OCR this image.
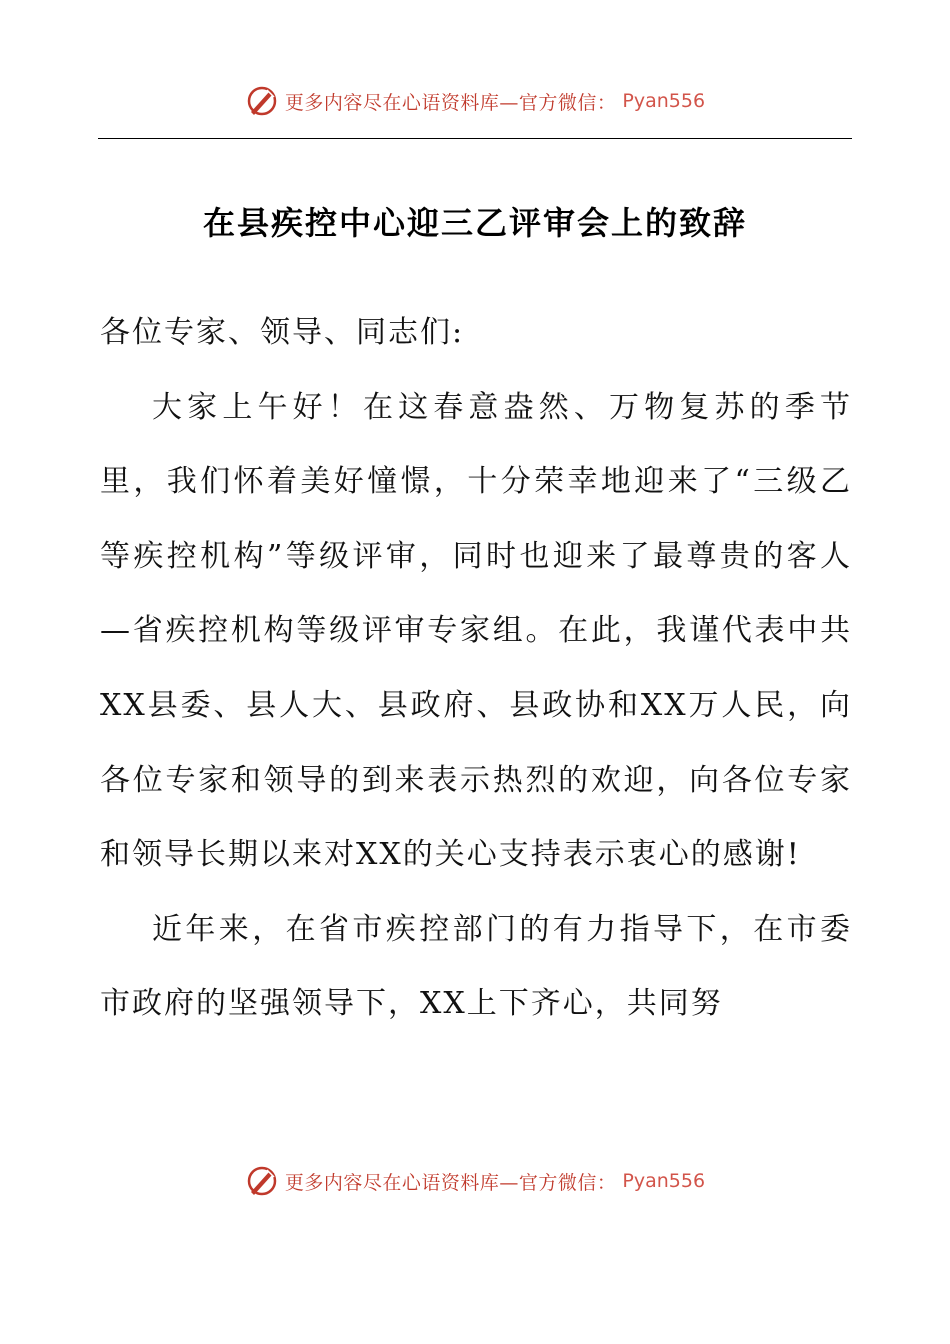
更多内容尽在心语资料库—官方微信： Pyan556
在县疾控中心迎三乙评审会上的致辞

各位专家、领导、同志们:

大家上午好！在这春意盎然、万物复苏的季节里，我们怀着美好憧憬，十分荣幸地迎来了“三级乙等疾控机构”等级评审，同时也迎来了最尊贵的客人—省疾控机构等级评审专家组。在此，我谨代表中共XX县委、县人大、县政府、县政协和XX万人民，向各位专家和领导的到来表示热烈的欢迎，向各位专家和领导长期以来对XX的关心支持表示衷心的感谢!

近年来，在省市疾控部门的有力指导下，在市委市政府的坚强领导下，XX上下齐心，共同努

更多内容尽在心语资料库—官方微信： Pyan556
